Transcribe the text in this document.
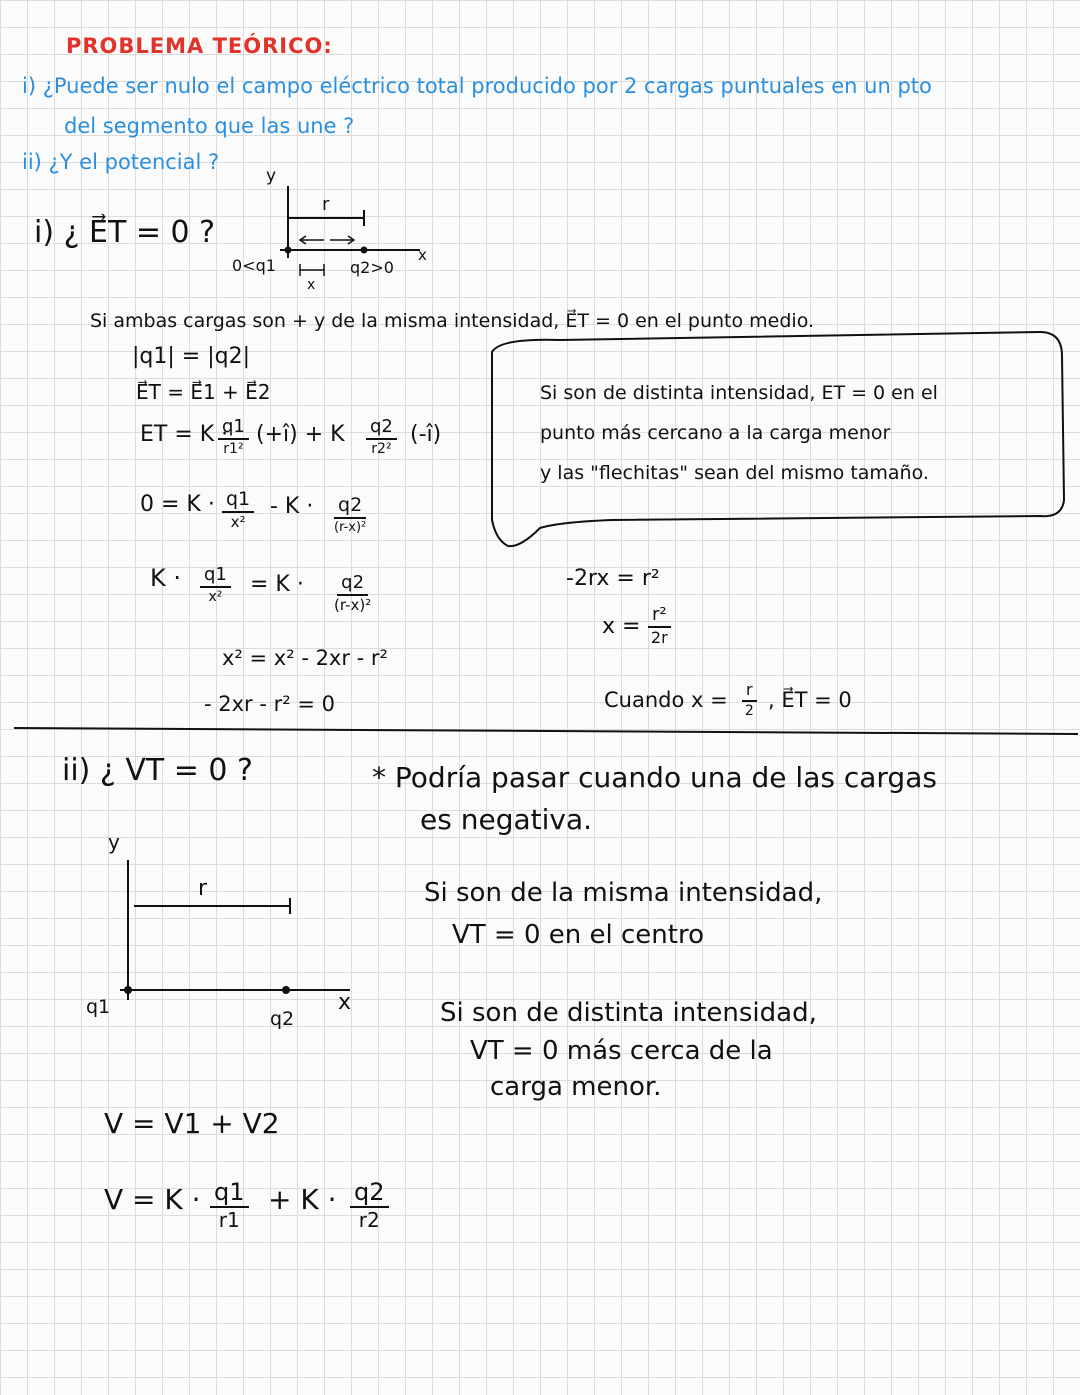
PROBLEMA TEÓRICO:
i) ¿Puede ser nulo el campo eléctrico total producido por 2 cargas puntuales en un pto
del segmento que las une ?
ii) ¿Y el potencial ?
i) ¿ E⃗T = 0 ?
y
r
0<q1	q2>0
x
x
Si ambas cargas son + y de la misma intensidad, E⃗T = 0 en el punto medio.
|q1| = |q2|
E⃗T = E⃗1 + E⃗2
ET = K ·
q1
r1²
(+î) + K q2
r2²
(-î)
0 = K · q1
x²
- K · q2
(r-x)²
K · q1
x² = K · q2
(r-x)²
x² = x² - 2xr - r²
- 2xr - r² = 0
Si son de distinta intensidad, ET = 0 en el
punto más cercano a la carga menor
y las "flechitas" sean del mismo tamaño.
-2rx = r²
$x = \frac{\text{r²}}{2r}$
Cuando $x = \frac{r}{2}$ , E⃗T = 0
ii) ¿ VT = 0 ?
y
r
q1
q2
x
* Podría pasar cuando una de las cargas
es negativa.
Si son de la misma intensidad,
VT = 0 en el centro
Si son de distinta intensidad,
VT = 0 más cerca de la
carga menor.
V = V1 + V2
V = K · q1
r1
+ K · q2
r2
